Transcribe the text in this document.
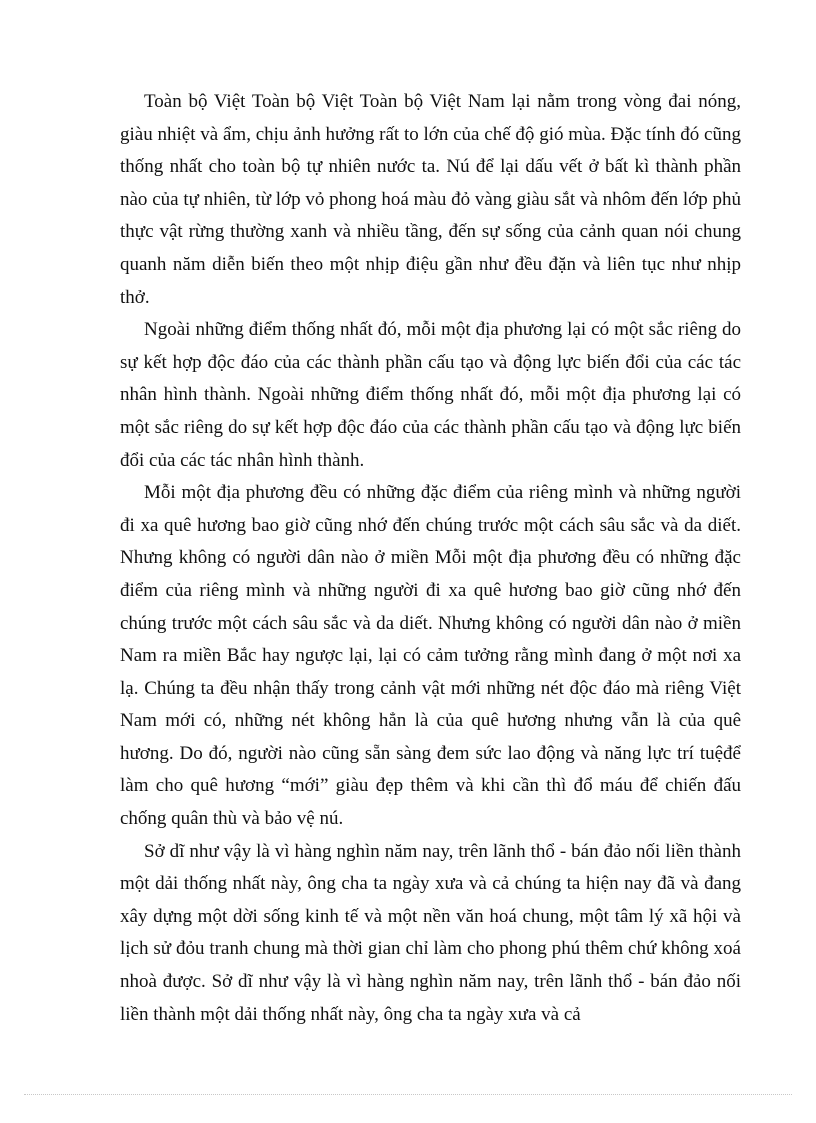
Toàn bộ Việt Toàn bộ Việt Toàn bộ Việt Nam lại nằm trong vòng đai nóng, giàu nhiệt và ẩm, chịu ảnh hưởng rất to lớn của chế độ gió mùa. Đặc tính đó cũng thống nhất cho toàn bộ tự nhiên nước ta. Nú để lại dấu vết ở bất kì thành phần nào của tự nhiên, từ lớp vỏ phong hoá màu đỏ vàng giàu sắt và nhôm đến lớp phủ thực vật rừng thường xanh và nhiều tầng, đến sự sống của cảnh quan nói chung quanh năm diễn biến theo một nhịp điệu gần như đều đặn và liên tục như nhịp thở.

Ngoài những điểm thống nhất đó, mỗi một địa phương lại có một sắc riêng do sự kết hợp độc đáo của các thành phần cấu tạo và động lực biến đổi của các tác nhân hình thành. Ngoài những điểm thống nhất đó, mỗi một địa phương lại có một sắc riêng do sự kết hợp độc đáo của các thành phần cấu tạo và động lực biến đổi của các tác nhân hình thành.

Mỗi một địa phương đều có những đặc điểm của riêng mình và những người đi xa quê hương bao giờ cũng nhớ đến chúng trước một cách sâu sắc và da diết. Nhưng không có người dân nào ở miền Mỗi một địa phương đều có những đặc điểm của riêng mình và những người đi xa quê hương bao giờ cũng nhớ đến chúng trước một cách sâu sắc và da diết. Nhưng không có người dân nào ở miền Nam ra miền Bắc hay ngược lại, lại có cảm tưởng rằng mình đang ở một nơi xa lạ. Chúng ta đều nhận thấy trong cảnh vật mới những nét độc đáo mà riêng Việt Nam mới có, những nét không hẳn là của quê hương nhưng vẫn là của quê hương. Do đó, người nào cũng sẵn sàng đem sức lao động và năng lực trí tuệđể làm cho quê hương “mới” giàu đẹp thêm và khi cần thì đổ máu để chiến đấu chống quân thù và bảo vệ nú.

Sở dĩ như vậy là vì hàng nghìn năm nay, trên lãnh thổ - bán đảo nối liền thành một dải thống nhất này, ông cha ta ngày xưa và cả chúng ta hiện nay đã và đang xây dựng một dời sống kinh tế và một nền văn hoá chung, một tâm lý xã hội và lịch sử đỏu tranh chung mà thời gian chỉ làm cho phong phú thêm chứ không xoá nhoà được. Sở dĩ như vậy là vì hàng nghìn năm nay, trên lãnh thổ - bán đảo nối liền thành một dải thống nhất này, ông cha ta ngày xưa và cả
